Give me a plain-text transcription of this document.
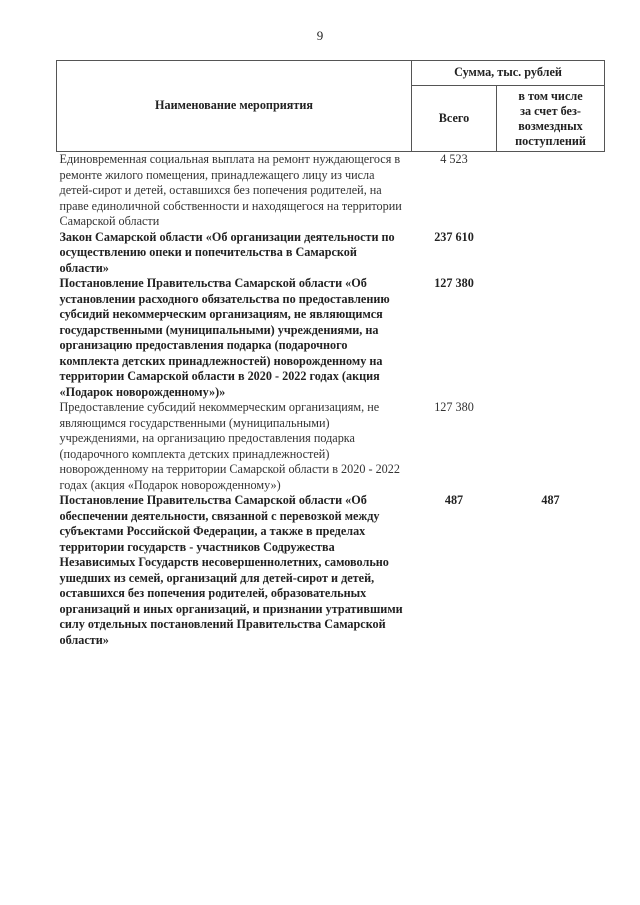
9
Наименование мероприятия	Сумма, тыс. рублей	
	Всего	в том числе
за счет без-
возмездных
поступлений
Единовременная социальная выплата на ремонт нуждающегося в ремонте жилого помещения, принадлежащего лицу из числа детей-сирот и детей, оставшихся без попечения родителей, на праве единоличной собственности и находящегося на территории Самарской области	4 523	
Закон Самарской области «Об организации деятельности по осуществлению опеки и попечительства в Самарской области»	237 610	
Постановление Правительства Самарской области «Об установлении расходного обязательства по предоставлению субсидий некоммерческим организациям, не являющимся государственными (муниципальными) учреждениями, на организацию предоставления подарка (подарочного комплекта детских принадлежностей) новорожденному на территории Самарской области в 2020 - 2022 годах (акция «Подарок новорожденному»)»	127 380	
Предоставление субсидий некоммерческим организациям, не являющимся государственными (муниципальными) учреждениями, на организацию предоставления подарка (подарочного комплекта детских принадлежностей) новорожденному на территории Самарской области в 2020 - 2022 годах (акция «Подарок новорожденному»)	127 380	
Постановление Правительства Самарской области «Об обеспечении деятельности, связанной с перевозкой между субъектами Российской Федерации, а также в пределах территории государств - участников Содружества Независимых Государств несовершеннолетних, самовольно ушедших из семей, организаций для детей-сирот и детей, оставшихся без попечения родителей, образовательных организаций и иных организаций, и признании утратившими силу отдельных постановлений Правительства Самарской области»	487	487
